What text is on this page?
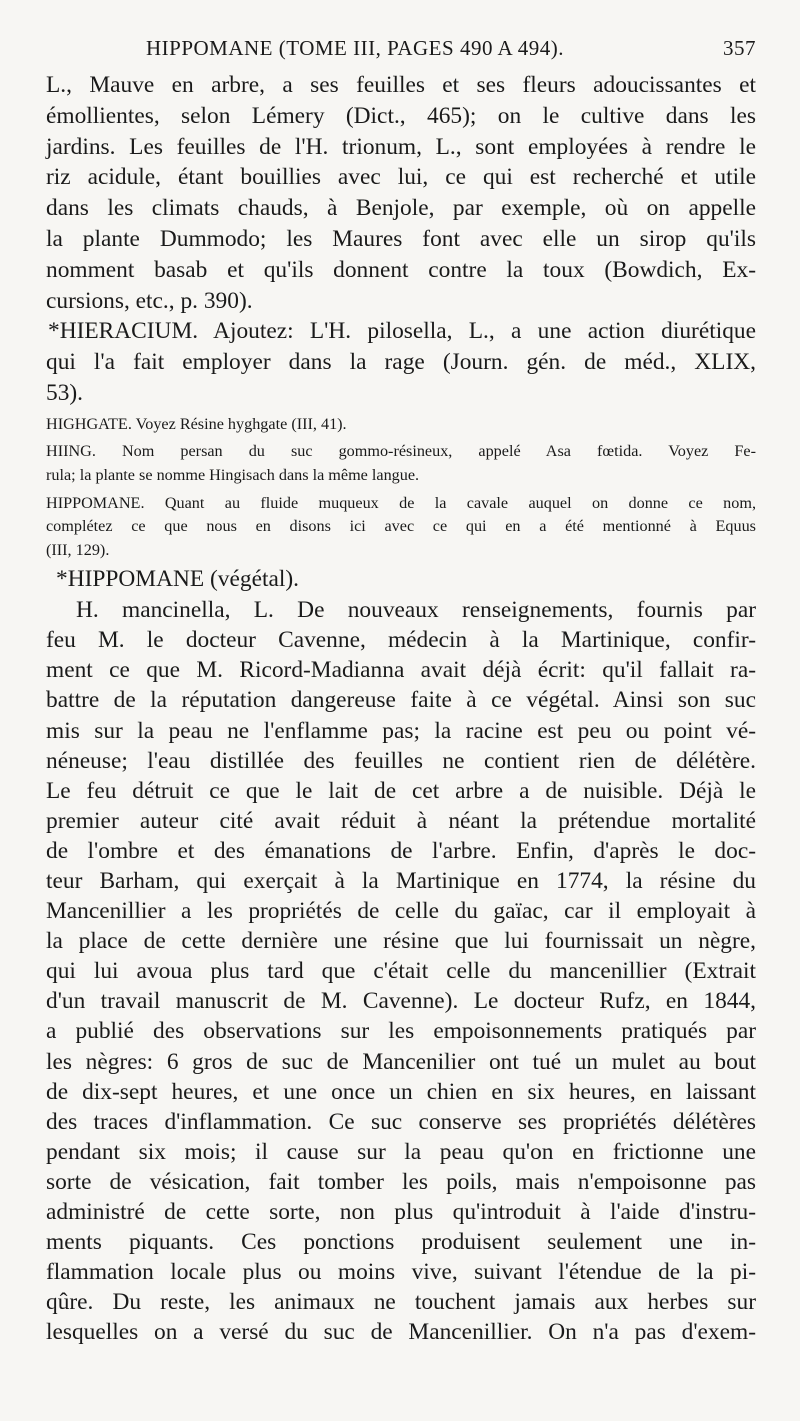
HIPPOMANE (TOME III, PAGES 490 A 494).	357

L., Mauve en arbre, a ses feuilles et ses fleurs adoucissantes et

émollientes, selon Lémery (Dict., 465); on le cultive dans les

jardins. Les feuilles de l'H. trionum, L., sont employées à rendre le

riz acidule, étant bouillies avec lui, ce qui est recherché et utile

dans les climats chauds, à Benjole, par exemple, où on appelle

la plante Dummodo; les Maures font avec elle un sirop qu'ils

nomment basab et qu'ils donnent contre la toux (Bowdich, Ex-

cursions, etc., p. 390).

*HIERACIUM. Ajoutez: L'H. pilosella, L., a une action diurétique

qui l'a fait employer dans la rage (Journ. gén. de méd., XLIX,

53).

HIGHGATE. Voyez Résine hyghgate (III, 41).

HIING. Nom persan du suc gommo-résineux, appelé Asa fœtida. Voyez Fe-

rula; la plante se nomme Hingisach dans la même langue.

HIPPOMANE. Quant au fluide muqueux de la cavale auquel on donne ce nom,

complétez ce que nous en disons ici avec ce qui en a été mentionné à Equus

(III, 129).

*HIPPOMANE (végétal).

H. mancinella, L. De nouveaux renseignements, fournis par

feu M. le docteur Cavenne, médecin à la Martinique, confir-

ment ce que M. Ricord-Madianna avait déjà écrit: qu'il fallait ra-

battre de la réputation dangereuse faite à ce végétal. Ainsi son suc

mis sur la peau ne l'enflamme pas; la racine est peu ou point vé-

néneuse; l'eau distillée des feuilles ne contient rien de délétère.

Le feu détruit ce que le lait de cet arbre a de nuisible. Déjà le

premier auteur cité avait réduit à néant la prétendue mortalité

de l'ombre et des émanations de l'arbre. Enfin, d'après le doc-

teur Barham, qui exerçait à la Martinique en 1774, la résine du

Mancenillier a les propriétés de celle du gaïac, car il employait à

la place de cette dernière une résine que lui fournissait un nègre,

qui lui avoua plus tard que c'était celle du mancenillier (Extrait

d'un travail manuscrit de M. Cavenne). Le docteur Rufz, en 1844,

a publié des observations sur les empoisonnements pratiqués par

les nègres: 6 gros de suc de Mancenilier ont tué un mulet au bout

de dix-sept heures, et une once un chien en six heures, en laissant

des traces d'inflammation. Ce suc conserve ses propriétés délétères

pendant six mois; il cause sur la peau qu'on en frictionne une

sorte de vésication, fait tomber les poils, mais n'empoisonne pas

administré de cette sorte, non plus qu'introduit à l'aide d'instru-

ments piquants. Ces ponctions produisent seulement une in-

flammation locale plus ou moins vive, suivant l'étendue de la pi-

qûre. Du reste, les animaux ne touchent jamais aux herbes sur

lesquelles on a versé du suc de Mancenillier. On n'a pas d'exem-
